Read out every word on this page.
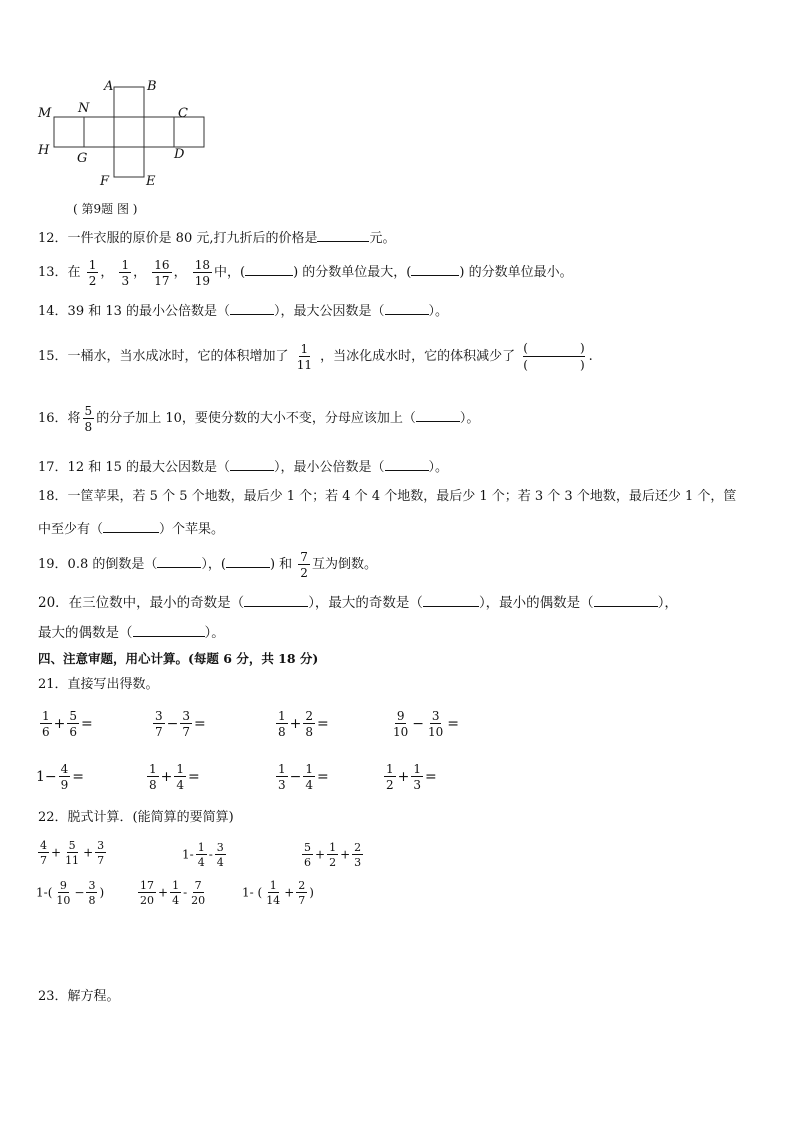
A	B
M N	C
H
G	D
F	E
( 第9题 图 )
12．一件衣服的原价是 80 元,打九折后的价格是	元。
13．在 $\frac{1}{2}$ ， $\frac{1}{3}$ ， $\frac{16}{17}$ ， $\frac{18}{19}$ 中，(	) 的分数单位最大，(	) 的分数单位最小。
14．39 和 13 的最小公倍数是（	），最大公因数是（	）。
15．一桶水，当水成冰时，它的体积增加了 $\frac{1}{11}$ ，当冰化成水时，它的体积减少了 (	)
(	) .
16．将 $\frac{5}{8}$ 的分子加上 10，要使分数的大小不变，分母应该加上（	）。
17．12 和 15 的最大公因数是（	），最小公倍数是（	）。
18．一筐苹果，若 5 个 5 个地数，最后少 1 个；若 4 个 4 个地数，最后少 1 个；若 3 个 3 个地数，最后还少 1 个，筐
中至少有（	）个苹果。
19．0.8 的倒数是（	），(	) 和 $\frac{7}{2}$ 互为倒数。
20．在三位数中，最小的奇数是（	），最大的奇数是（	），最小的偶数是（	），
最大的偶数是（	）。
四、注意审题，用心计算。(每题 6 分，共 18 分)
21．直接写出得数。
$\frac{1}{6} + \frac{5}{6}$ =	$\frac{3}{7} - \frac{3}{7}$ =	$\frac{1}{8} + \frac{2}{8}$ =	$\frac{9}{10} - \frac{3}{10}$ =
$1- \frac{4}{9}$ =	$\frac{1}{8} + \frac{1}{4}$ =	$\frac{1}{3} - \frac{1}{4}$ =	$\frac{1}{2} + \frac{1}{3}$ =
22．脱式计算．(能简算的要简算)
$\frac{4}{7} + \frac{5}{11} + \frac{3}{7}$	$1- \frac{1}{4} - \frac{3}{4}$	$\frac{5}{6} + \frac{1}{2} + \frac{2}{3}$
$1-( \frac{9}{10} - \frac{3}{8}$ )	$\frac{17}{20} + \frac{1}{4} - \frac{7}{20}$	1- ( $\frac{1}{14} + \frac{2}{7}$ )
23．解方程。
